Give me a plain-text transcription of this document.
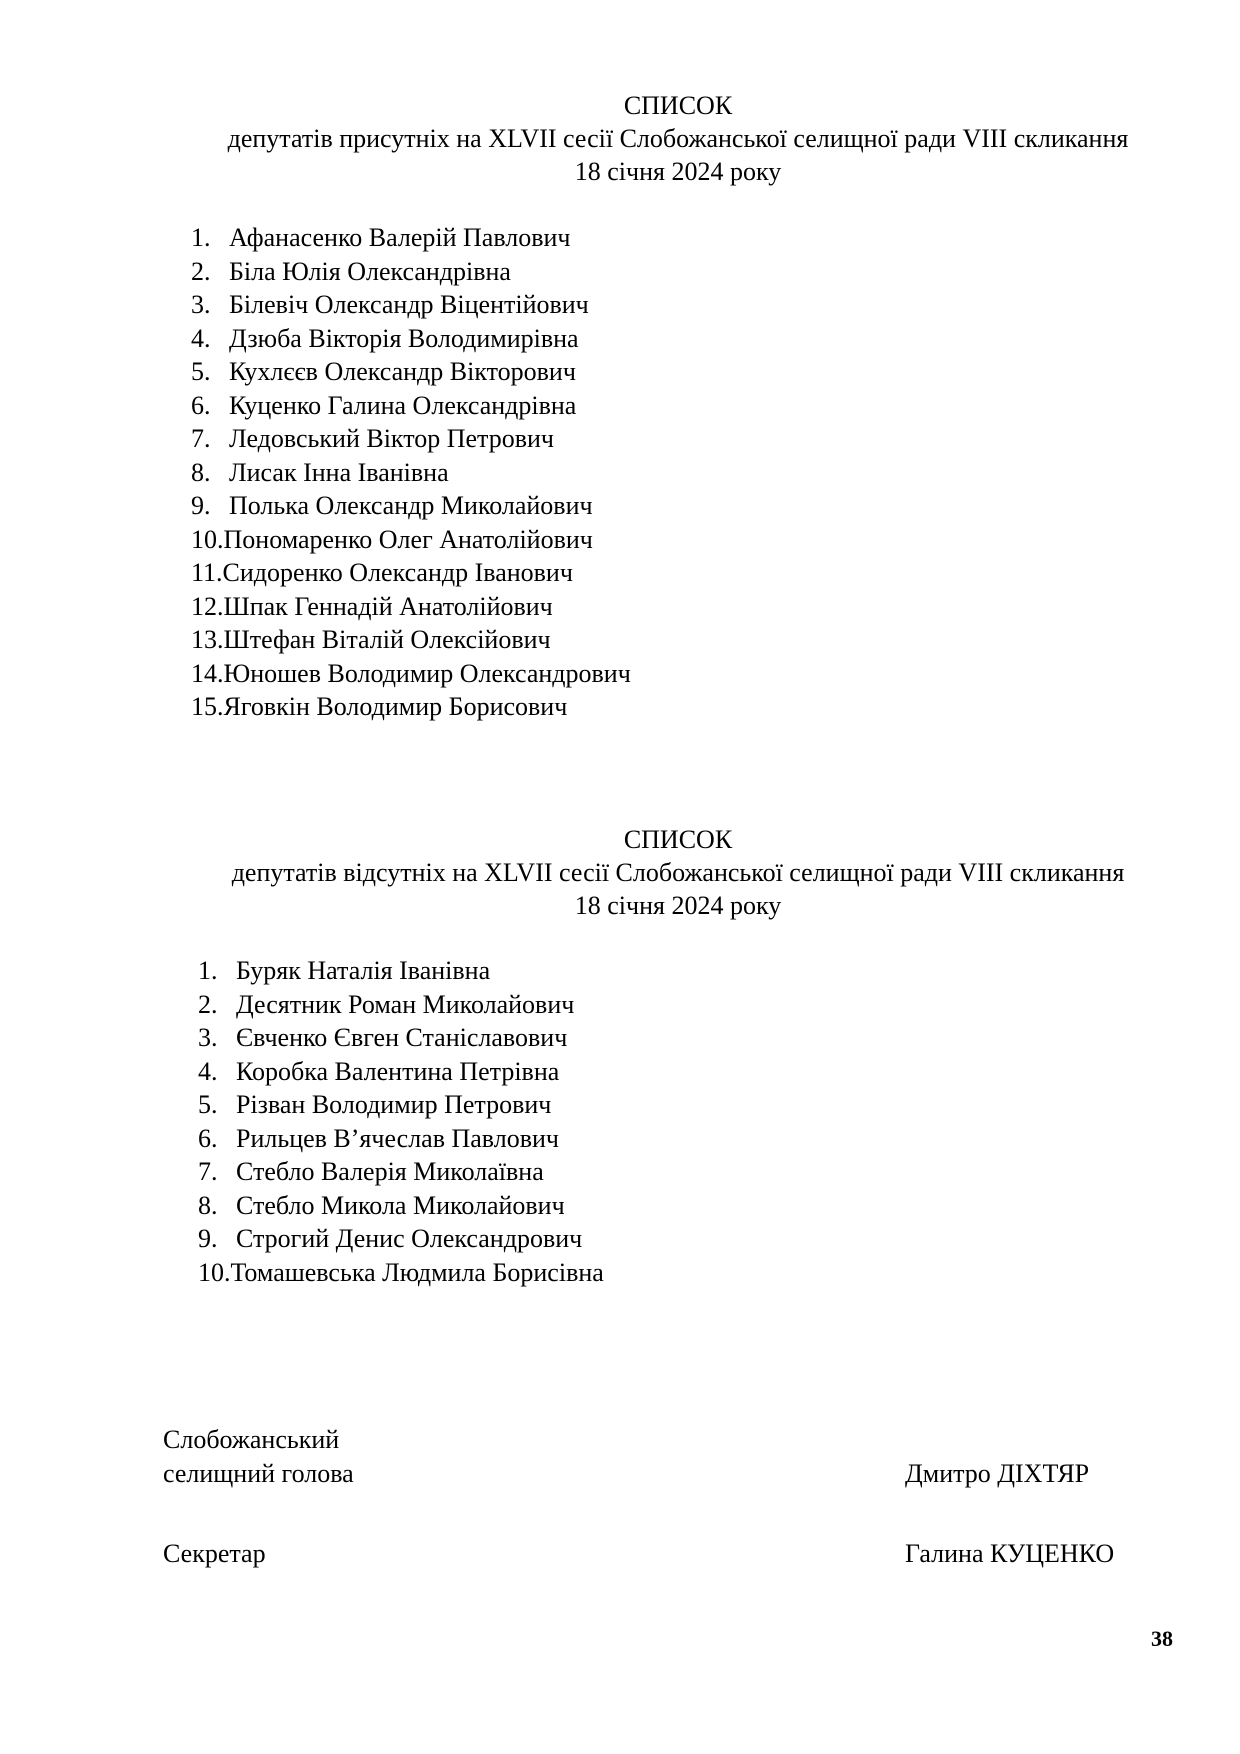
СПИСОК
депутатів присутніх на XLVII сесії Слобожанської селищної ради VIII скликання
18 січня 2024 року
1. Афанасенко Валерій Павлович
2. Біла Юлія Олександрівна
3. Білевіч Олександр Віцентійович
4. Дзюба Вікторія Володимирівна
5. Кухлєєв Олександр Вікторович
6. Куценко Галина Олександрівна
7. Ледовський Віктор Петрович
8. Лисак Інна Іванівна
9. Полька Олександр Миколайович
10.Пономаренко Олег Анатолійович
11.Сидоренко Олександр Іванович
12.Шпак Геннадій Анатолійович
13.Штефан Віталій Олексійович
14.Юношев Володимир Олександрович
15.Яговкін Володимир Борисович
СПИСОК
депутатів відсутніх на XLVII сесії Слобожанської селищної ради VIII скликання
18 січня 2024 року
1. Буряк Наталія Іванівна
2. Десятник Роман Миколайович
3. Євченко Євген Станіславович
4. Коробка Валентина Петрівна
5. Різван Володимир Петрович
6. Рильцев В’ячеслав Павлович
7. Стебло Валерія Миколаївна
8. Стебло Микола Миколайович
9. Строгий Денис Олександрович
10.Томашевська Людмила Борисівна
Слобожанський
селищний голова	Дмитро ДІХТЯР
Секретар	Галина КУЦЕНКО
38
